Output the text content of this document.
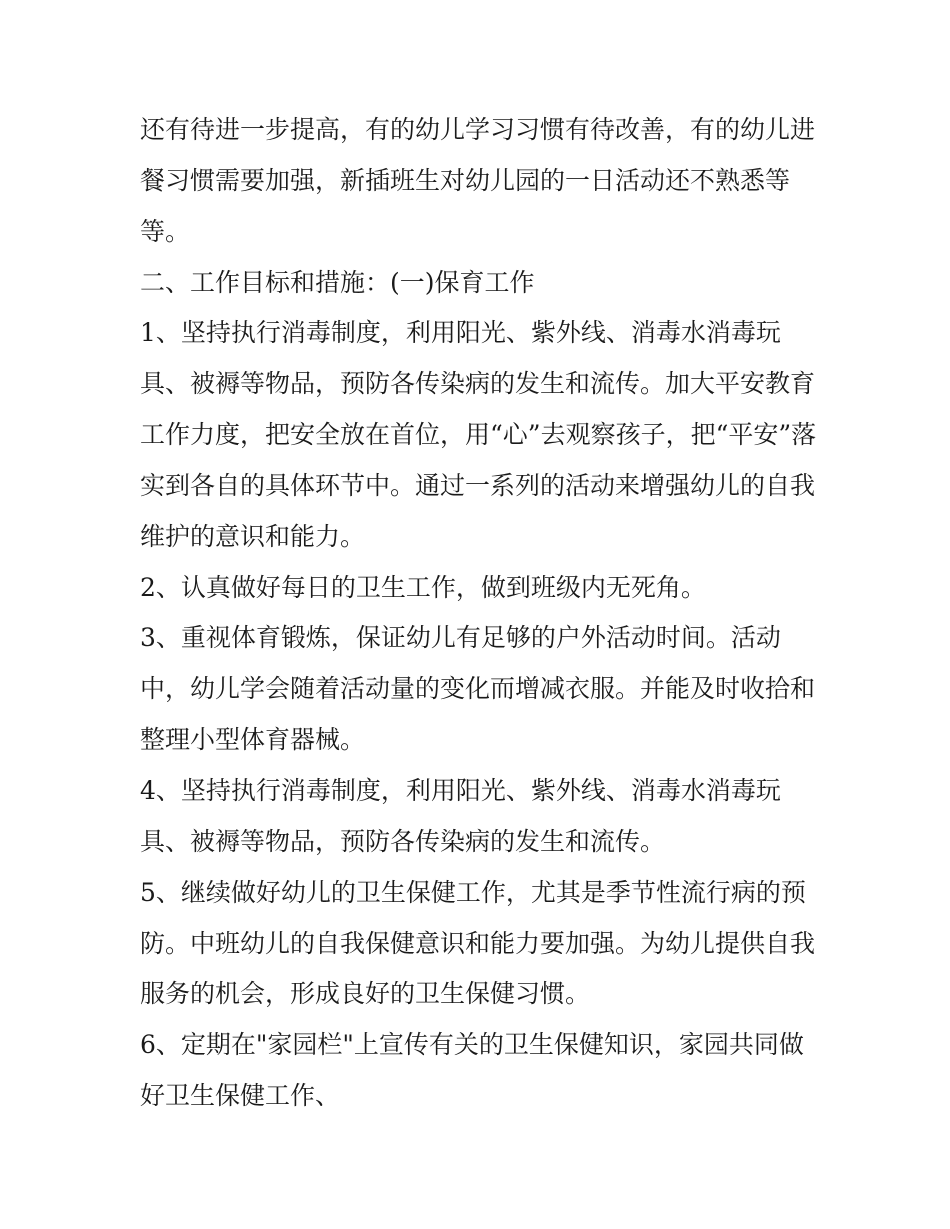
还有待进一步提高，有的幼儿学习习惯有待改善，有的幼儿进
餐习惯需要加强，新插班生对幼儿园的一日活动还不熟悉等
等。
二、工作目标和措施：(一)保育工作
1、坚持执行消毒制度，利用阳光、紫外线、消毒水消毒玩
具、被褥等物品，预防各传染病的发生和流传。加大平安教育
工作力度，把安全放在首位，用“心”去观察孩子，把“平安”落
实到各自的具体环节中。通过一系列的活动来增强幼儿的自我
维护的意识和能力。
2、认真做好每日的卫生工作，做到班级内无死角。
3、重视体育锻炼，保证幼儿有足够的户外活动时间。活动
中，幼儿学会随着活动量的变化而增减衣服。并能及时收拾和
整理小型体育器械。
4、坚持执行消毒制度，利用阳光、紫外线、消毒水消毒玩
具、被褥等物品，预防各传染病的发生和流传。
5、继续做好幼儿的卫生保健工作，尤其是季节性流行病的预
防。中班幼儿的自我保健意识和能力要加强。为幼儿提供自我
服务的机会，形成良好的卫生保健习惯。
6、定期在"家园栏"上宣传有关的卫生保健知识，家园共同做
好卫生保健工作、
